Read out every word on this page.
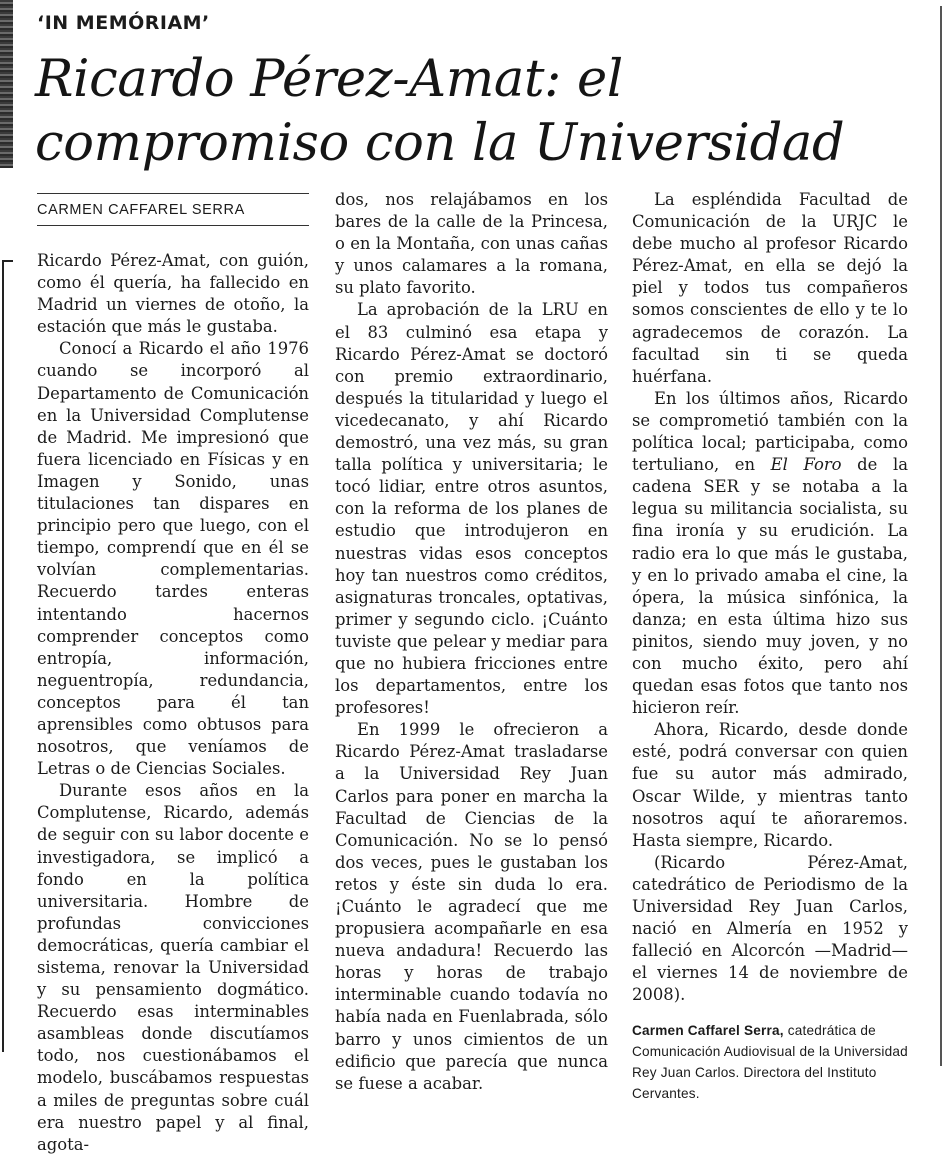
‘IN MEMÓRIAM’
Ricardo Pérez-Amat: el
compromiso con la Universidad
CARMEN CAFFAREL SERRA

Ricardo Pérez-Amat, con guión, como él quería, ha fallecido en Madrid un viernes de otoño, la estación que más le gustaba.

Conocí a Ricardo el año 1976 cuando se incorporó al Departamento de Comunicación en la Universidad Complutense de Madrid. Me impresionó que fuera licenciado en Físicas y en Imagen y Sonido, unas titulaciones tan dispares en principio pero que luego, con el tiempo, comprendí que en él se volvían complementarias. Recuerdo tardes enteras intentando hacernos comprender conceptos como entropía, información, neguentropía, redundancia, conceptos para él tan aprensibles como obtusos para nosotros, que veníamos de Letras o de Ciencias Sociales.

Durante esos años en la Complutense, Ricardo, además de seguir con su labor docente e investigadora, se implicó a fondo en la política universitaria. Hombre de profundas convicciones democráticas, quería cambiar el sistema, renovar la Universidad y su pensamiento dogmático. Recuerdo esas interminables asambleas donde discutíamos todo, nos cuestionábamos el modelo, buscábamos respuestas a miles de preguntas sobre cuál era nuestro papel y al final, agota-

dos, nos relajábamos en los bares de la calle de la Princesa, o en la Montaña, con unas cañas y unos calamares a la romana, su plato favorito.

La aprobación de la LRU en el 83 culminó esa etapa y Ricardo Pérez-Amat se doctoró con premio extraordinario, después la titularidad y luego el vicedecanato, y ahí Ricardo demostró, una vez más, su gran talla política y universitaria; le tocó lidiar, entre otros asuntos, con la reforma de los planes de estudio que introdujeron en nuestras vidas esos conceptos hoy tan nuestros como créditos, asignaturas troncales, optativas, primer y segundo ciclo. ¡Cuánto tuviste que pelear y mediar para que no hubiera fricciones entre los departamentos, entre los profesores!

En 1999 le ofrecieron a Ricardo Pérez-Amat trasladarse a la Universidad Rey Juan Carlos para poner en marcha la Facultad de Ciencias de la Comunicación. No se lo pensó dos veces, pues le gustaban los retos y éste sin duda lo era. ¡Cuánto le agradecí que me propusiera acompañarle en esa nueva andadura! Recuerdo las horas y horas de trabajo interminable cuando todavía no había nada en Fuenlabrada, sólo barro y unos cimientos de un edificio que parecía que nunca se fuese a acabar.

La espléndida Facultad de Comunicación de la URJC le debe mucho al profesor Ricardo Pérez-Amat, en ella se dejó la piel y todos tus compañeros somos conscientes de ello y te lo agradecemos de corazón. La facultad sin ti se queda huérfana.

En los últimos años, Ricardo se comprometió también con la política local; participaba, como tertuliano, en El Foro de la cadena SER y se notaba a la legua su militancia socialista, su fina ironía y su erudición. La radio era lo que más le gustaba, y en lo privado amaba el cine, la ópera, la música sinfónica, la danza; en esta última hizo sus pinitos, siendo muy joven, y no con mucho éxito, pero ahí quedan esas fotos que tanto nos hicieron reír.

Ahora, Ricardo, desde donde esté, podrá conversar con quien fue su autor más admirado, Oscar Wilde, y mientras tanto nosotros aquí te añoraremos. Hasta siempre, Ricardo.

(Ricardo Pérez-Amat, catedrático de Periodismo de la Universidad Rey Juan Carlos, nació en Almería en 1952 y falleció en Alcorcón —Madrid— el viernes 14 de noviembre de 2008).

Carmen Caffarel Serra, catedrática de Comunicación Audiovisual de la Universidad Rey Juan Carlos. Directora del Instituto Cervantes.
